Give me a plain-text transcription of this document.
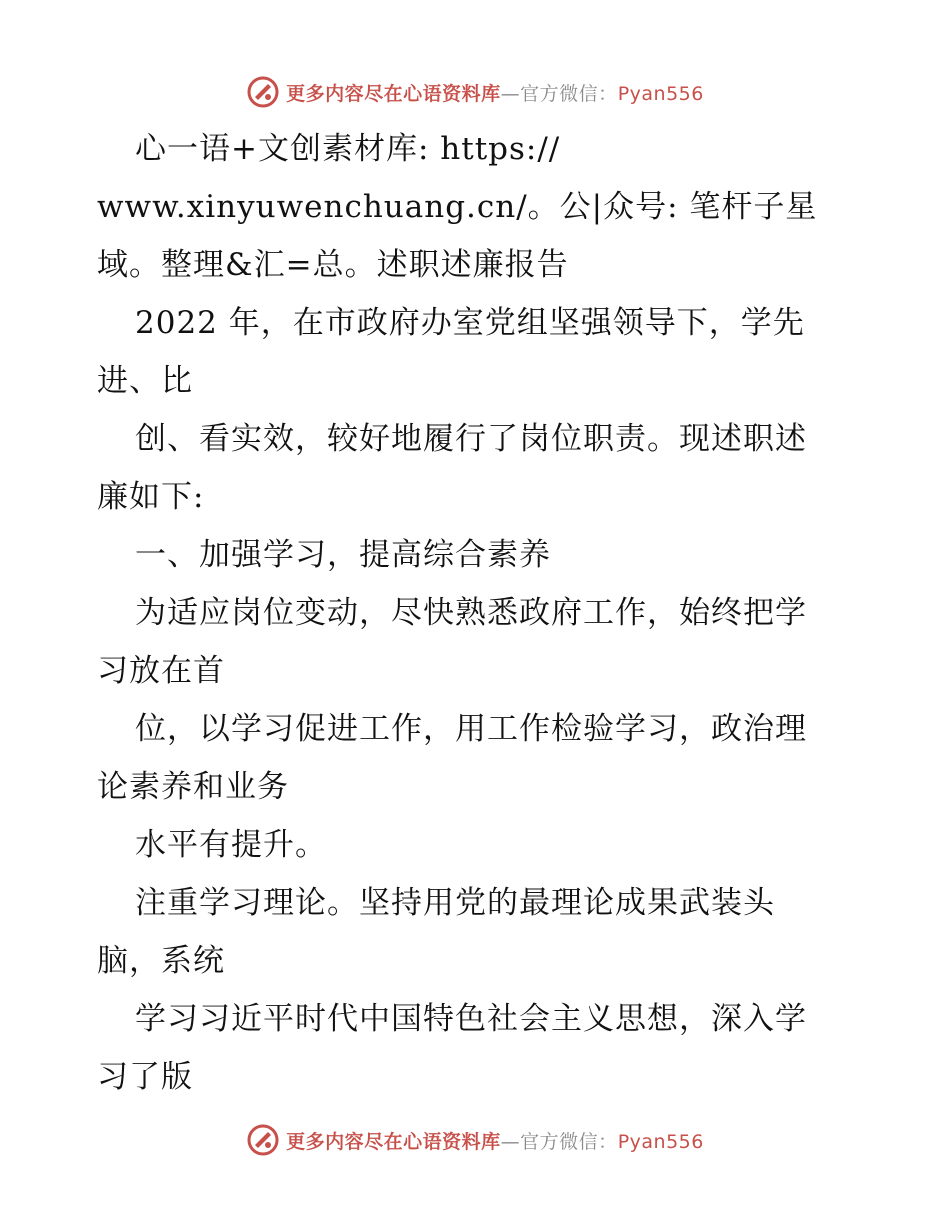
更多内容尽在心语资料库—官方微信：Pyan556
心一语+文创素材库: https://
www.xinyuwenchuang.cn/。公|众号: 笔杆子星
域。整理&汇=总。述职述廉报告
2022 年，在市政府办室党组坚强领导下，学先
进、比
创、看实效，较好地履行了岗位职责。现述职述
廉如下:
一、加强学习，提高综合素养
为适应岗位变动，尽快熟悉政府工作，始终把学
习放在首
位，以学习促进工作，用工作检验学习，政治理
论素养和业务
水平有提升。
注重学习理论。坚持用党的最理论成果武装头
脑，系统
学习习近平时代中国特色社会主义思想，深入学
习了版
更多内容尽在心语资料库—官方微信：Pyan556
